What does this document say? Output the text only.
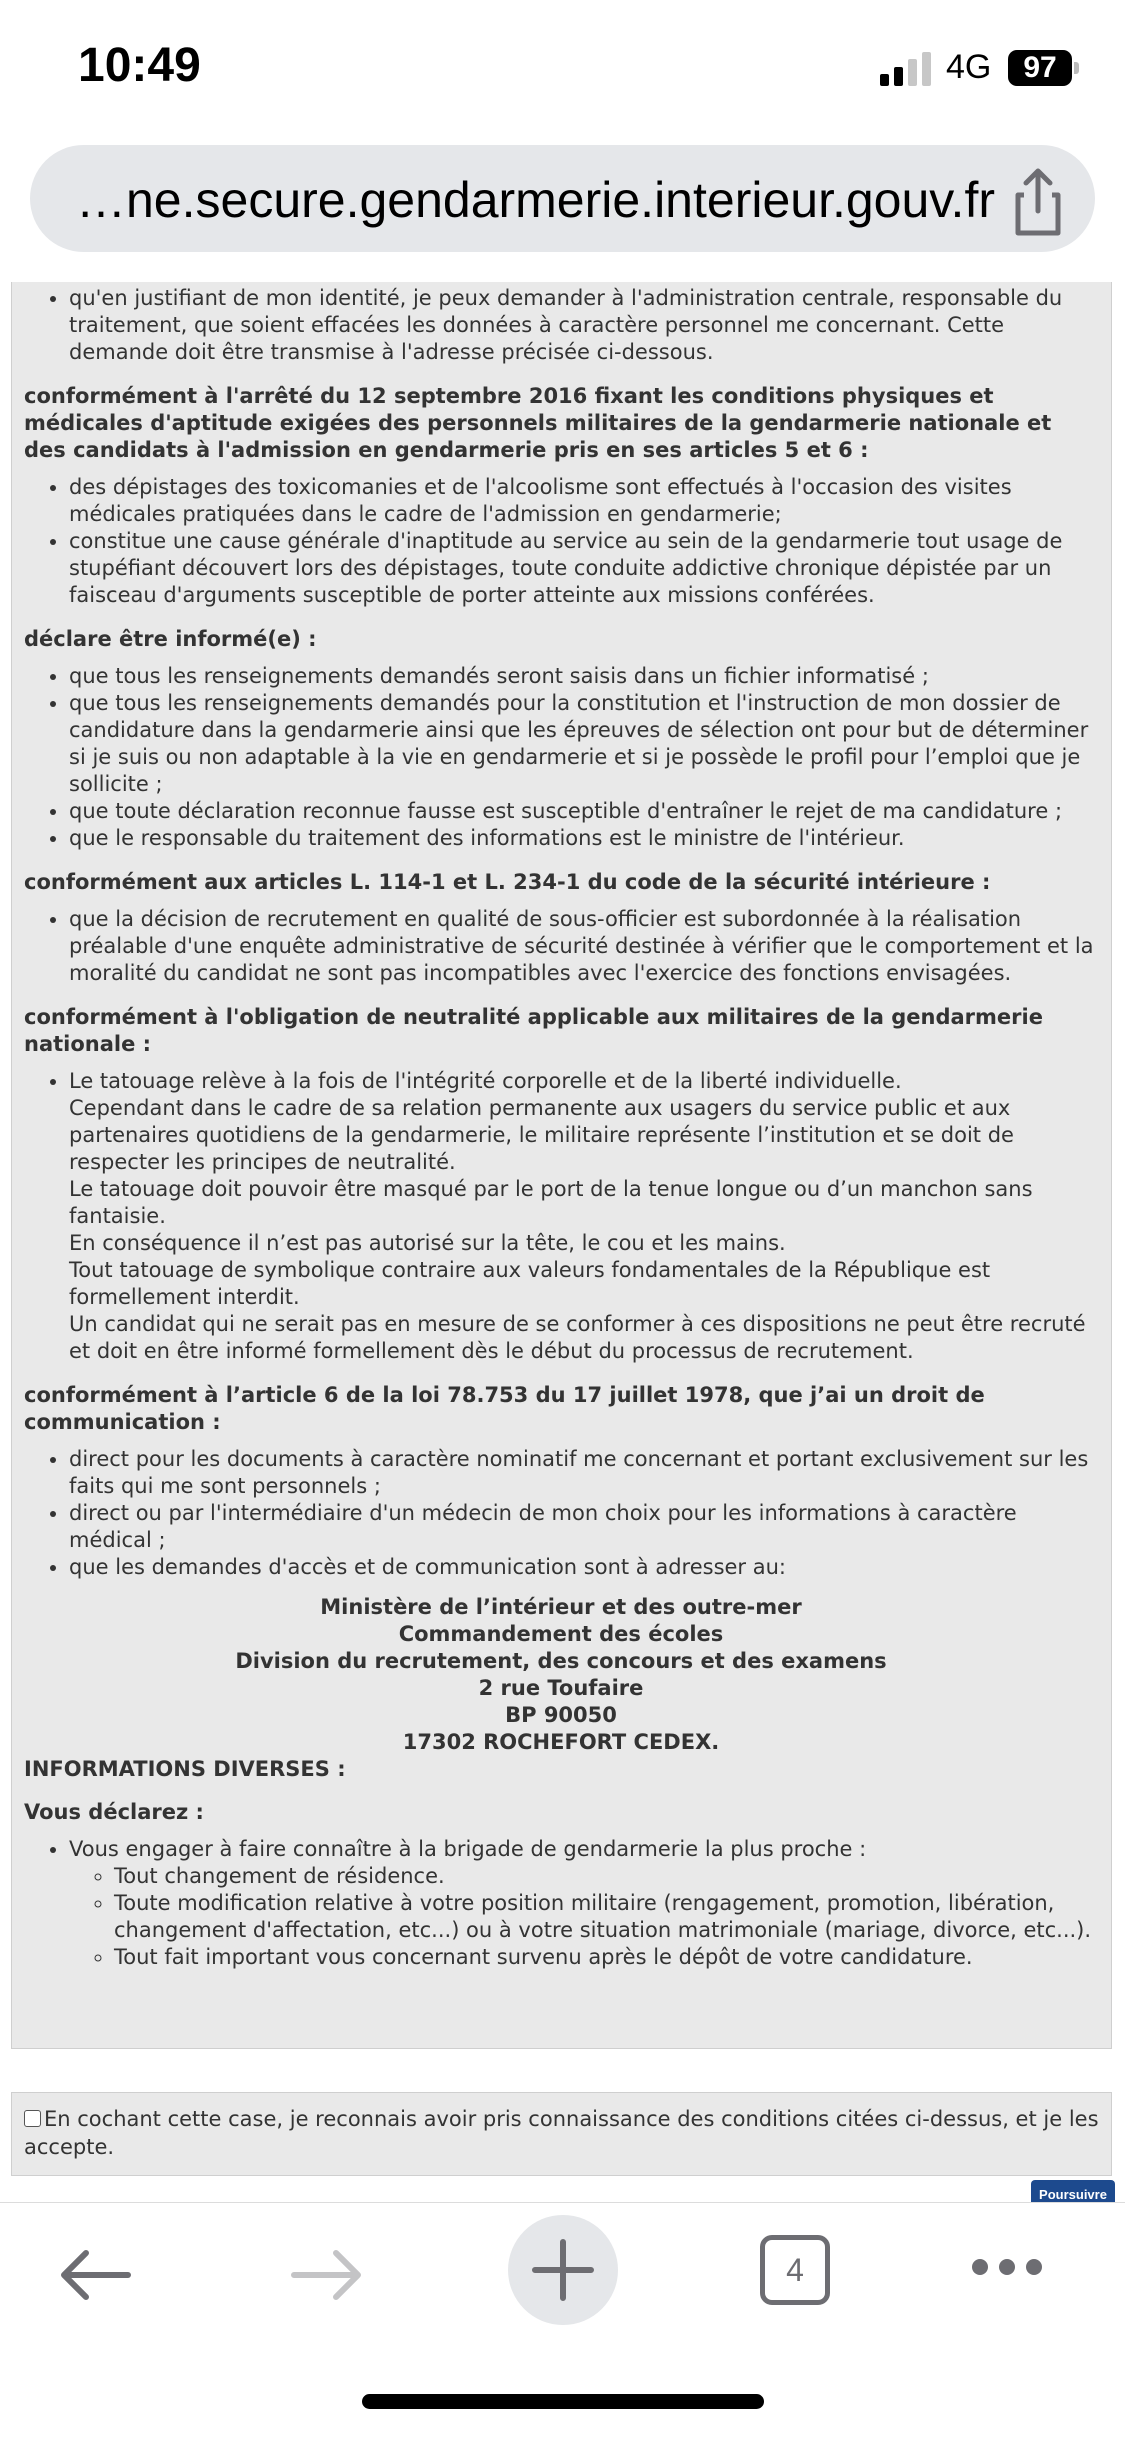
10:49	4G	97
…ne.secure.gendarmerie.interieur.gouv.fr
• qu'en justifiant de mon identité, je peux demander à l'administration centrale, responsable du traitement, que soient effacées les données à caractère personnel me concernant. Cette demande doit être transmise à l'adresse précisée ci-dessous.

conformément à l'arrêté du 12 septembre 2016 fixant les conditions physiques et médicales d'aptitude exigées des personnels militaires de la gendarmerie nationale et des candidats à l'admission en gendarmerie pris en ses articles 5 et 6 :

• des dépistages des toxicomanies et de l'alcoolisme sont effectués à l'occasion des visites médicales pratiquées dans le cadre de l'admission en gendarmerie;
• constitue une cause générale d'inaptitude au service au sein de la gendarmerie tout usage de stupéfiant découvert lors des dépistages, toute conduite addictive chronique dépistée par un faisceau d'arguments susceptible de porter atteinte aux missions conférées.

déclare être informé(e) :

• que tous les renseignements demandés seront saisis dans un fichier informatisé ;
• que tous les renseignements demandés pour la constitution et l'instruction de mon dossier de candidature dans la gendarmerie ainsi que les épreuves de sélection ont pour but de déterminer si je suis ou non adaptable à la vie en gendarmerie et si je possède le profil pour l’emploi que je sollicite ;
• que toute déclaration reconnue fausse est susceptible d'entraîner le rejet de ma candidature ;
• que le responsable du traitement des informations est le ministre de l'intérieur.

conformément aux articles L. 114-1 et L. 234-1 du code de la sécurité intérieure :

• que la décision de recrutement en qualité de sous-officier est subordonnée à la réalisation préalable d'une enquête administrative de sécurité destinée à vérifier que le comportement et la moralité du candidat ne sont pas incompatibles avec l'exercice des fonctions envisagées.

conformément à l'obligation de neutralité applicable aux militaires de la gendarmerie nationale :

• Le tatouage relève à la fois de l'intégrité corporelle et de la liberté individuelle.
Cependant dans le cadre de sa relation permanente aux usagers du service public et aux partenaires quotidiens de la gendarmerie, le militaire représente l’institution et se doit de respecter les principes de neutralité.
Le tatouage doit pouvoir être masqué par le port de la tenue longue ou d’un manchon sans fantaisie.
En conséquence il n’est pas autorisé sur la tête, le cou et les mains.
Tout tatouage de symbolique contraire aux valeurs fondamentales de la République est formellement interdit.
Un candidat qui ne serait pas en mesure de se conformer à ces dispositions ne peut être recruté et doit en être informé formellement dès le début du processus de recrutement.

conformément à l’article 6 de la loi 78.753 du 17 juillet 1978, que j’ai un droit de communication :

• direct pour les documents à caractère nominatif me concernant et portant exclusivement sur les faits qui me sont personnels ;
• direct ou par l'intermédiaire d'un médecin de mon choix pour les informations à caractère médical ;
• que les demandes d'accès et de communication sont à adresser au:
Ministère de l’intérieur et des outre-mer
Commandement des écoles
Division du recrutement, des concours et des examens
2 rue Toufaire
BP 90050
17302 ROCHEFORT CEDEX.

INFORMATIONS DIVERSES :

Vous déclarez :

• Vous engager à faire connaître à la brigade de gendarmerie la plus proche :
◦ Tout changement de résidence.
◦ Toute modification relative à votre position militaire (rengagement, promotion, libération, changement d'affectation, etc...) ou à votre situation matrimoniale (mariage, divorce, etc...).
◦ Tout fait important vous concernant survenu après le dépôt de votre candidature.
En cochant cette case, je reconnais avoir pris connaissance des conditions citées ci-dessus, et je les accepte.
Poursuivre
4
